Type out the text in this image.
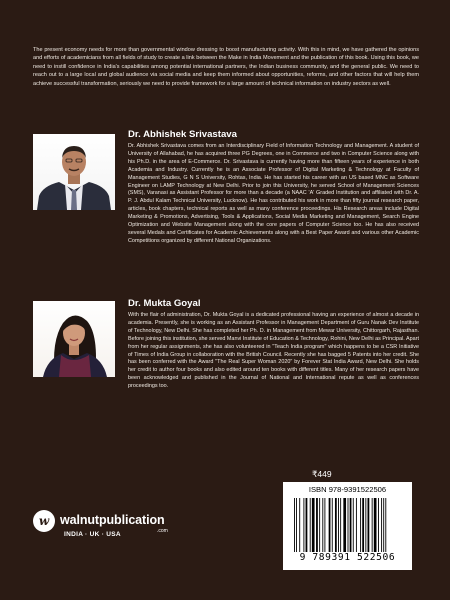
The present economy needs for more than governmental window dressing to boost manufacturing activity. With this in mind, we have gathered the opinions and efforts of academicians from all fields of study to create a link between the Make in India Movement and the publication of this book. Using this book, we need to instill confidence in India's capabilities among potential international partners, the Indian business community, and the general public. We need to reach out to a large local and global audience via social media and keep them informed about opportunities, reforms, and other factors that will help them achieve successful transformation, seriously we need to provide framework for a large amount of technical information on industry sectors as well.

Dr. Abhishek Srivastava

Dr. Abhishek Srivastava comes from an Interdisciplinary Field of Information Technology and Management. A student of University of Allahabad, he has acquired three PG Degrees, one in Commerce and two in Computer Science along with his Ph.D. in the area of E-Commerce. Dr. Srivastava is currently having more than fifteen years of experience in both Academia and Industry. Currently he is an Associate Professor of Digital Marketing & Technology at Faculty of Management Studies, G N S University, Rohtas, India. He has started his career with an US based MNC as Software Engineer on LAMP Technology at New Delhi. Prior to join this University, he served School of Management Sciences (SMS), Varanasi as Assistant Professor for more than a decade (a NAAC 'A' Graded Institution and affiliated with Dr. A. P. J. Abdul Kalam Technical University, Lucknow). He has contributed his work in more than fifty journal research paper, articles, book chapters, technical reports as well as many conference proceedings. His Research areas include Digital Marketing & Promotions, Advertising, Tools & Applications, Social Media Marketing and Management, Search Engine Optimization and Website Management along with the core papers of Computer Science too. He has also received several Medals and Certificates for Academic Achievements along with a Best Paper Award and various other Academic Competitions organized by different National Organizations.

Dr. Mukta Goyal

With the flair of administration, Dr. Mukta Goyal is a dedicated professional having an experience of almost a decade in academia. Presently, she is working as an Assistant Professor in Management Department of Guru Nanak Dev Institute of Technology, New Delhi. She has completed her Ph. D. in Management from Mewar University, Chittorgarh, Rajasthan. Before joining this institution, she served Manvi Institute of Education & Technology, Rohini, New Delhi as Principal. Apart from her regular assignments, she has also volunteered in "Teach India program" which happens to be a CSR Initiative of Times of India Group in collaboration with the British Council. Recently she has bagged 5 Patents into her credit. She has been conferred with the Award "The Real Super Woman 2020" by Forever Stat India Award, New Delhi. She holds her credit to author four books and also edited around ten books with different titles. Many of her research papers have been acknowledged and published in the Journal of National and International repute as well as conferences proceedings too.

w walnutpublication
.com
INDIA · UK · USA
₹449
ISBN 978-9391522506
9 789391 522506
